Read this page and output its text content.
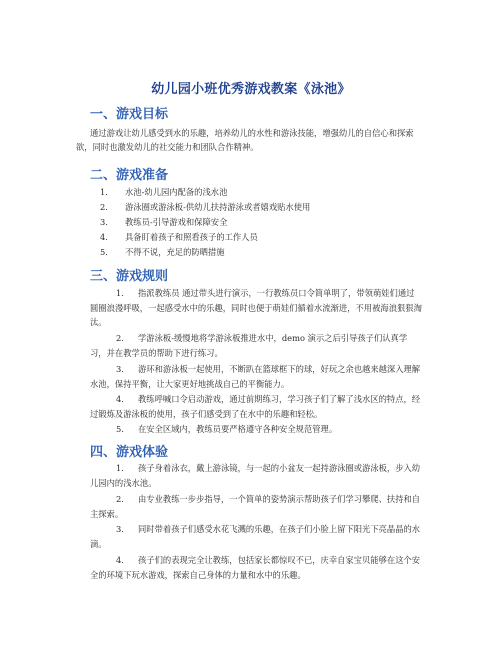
幼儿园小班优秀游戏教案《泳池》
一、游戏目标
通过游戏让幼儿感受到水的乐趣，培养幼儿的水性和游泳技能，增强幼儿的自信心和探索欲，同时也激发幼儿的社交能力和团队合作精神。
二、游戏准备
1. 水池-幼儿园内配备的浅水池
2. 游泳圈或游泳板-供幼儿扶持游泳或者嬉戏贴水使用
3. 教练员-引导游戏和保障安全
4. 具备盯着孩子和照看孩子的工作人员
5. 不得不说，充足的防晒措施
三、游戏规则
1. 指派教练员 通过带头进行演示，一行教练员口令简单明了，带领萌娃们通过圆圈浪漫呼吸，一起感受水中的乐趣，同时也便于萌娃们循着水流渐进，不用被海浪狠狠淘汰。
2. 学游泳板-缓慢地将学游泳板推进水中，demo 演示之后引导孩子们认真学习，并在教学员的帮助下进行练习。
3. 游环和游泳板一起使用，不断趴在篮球框下的球，好玩之余也越来越深入理解水池，保持平衡，让大家更好地挑战自己的平衡能力。
4. 教练呼喊口令启动游戏，通过前期练习，学习孩子们了解了浅水区的特点，经过锻炼及游泳板的使用，孩子们感受到了在水中的乐趣和轻松。
5. 在安全区域内，教练员要严格遵守各种安全规范管理。
四、游戏体验
1. 孩子身着泳衣，戴上游泳镜，与一起的小盆友一起持游泳圈或游泳板，步入幼儿园内的浅水池。
2. 由专业教练一步步指导，一个简单的姿势演示帮助孩子们学习攀爬、扶持和自主探索。
3. 同时带着孩子们感受水花飞溅的乐趣，在孩子们小脸上留下阳光下亮晶晶的水滴。
4. 孩子们的表现完全让教练，包括家长都惊叹不已，庆幸自家宝贝能够在这个安全的环境下玩水游戏，探索自己身体的力量和水中的乐趣。
